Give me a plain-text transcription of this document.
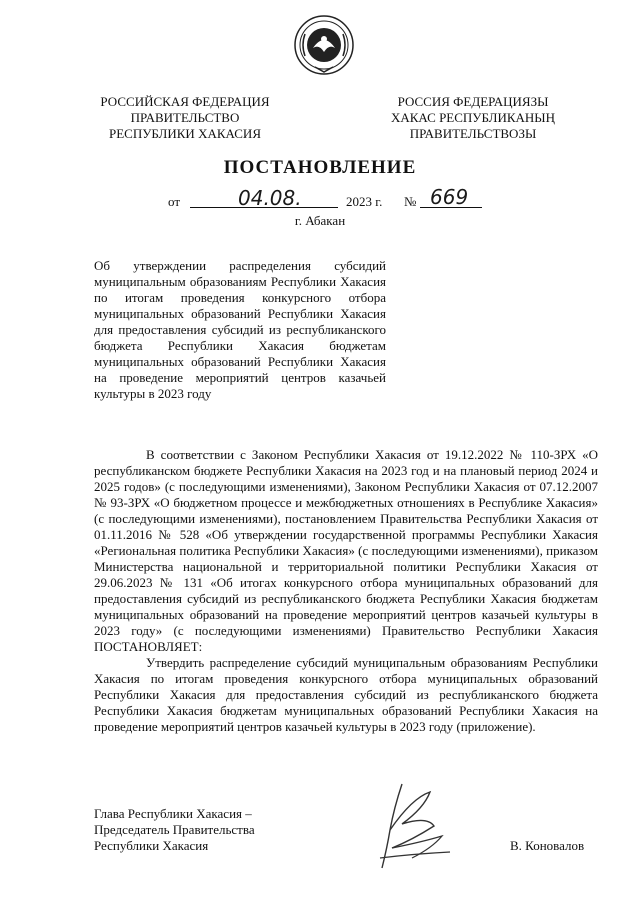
РОССИЙСКАЯ ФЕДЕРАЦИЯ
ПРАВИТЕЛЬСТВО
РЕСПУБЛИКИ ХАКАСИЯ
РОССИЯ ФЕДЕРАЦИЯЗЫ
ХАКАС РЕСПУБЛИКАНЫҢ
ПРАВИТЕЛЬСТВОЗЫ
ПОСТАНОВЛЕНИЕ
от	04.08.	2023 г. № 669
г. Абакан
Об утверждении распределения субсидий муниципальным образованиям Республики Хакасия по итогам проведения конкурсного отбора муниципальных образований Республики Хакасия для предоставления субсидий из республиканского бюджета Республики Хакасия бюджетам муниципальных образований Республики Хакасия на проведение мероприятий центров казачьей культуры в 2023 году

В соответствии с Законом Республики Хакасия от 19.12.2022 № 110-ЗРХ «О республиканском бюджете Республики Хакасия на 2023 год и на плановый период 2024 и 2025 годов» (с последующими изменениями), Законом Республики Хакасия от 07.12.2007 № 93-ЗРХ «О бюджетном процессе и межбюджетных отношениях в Республике Хакасия» (с последующими изменениями), постановлением Правительства Республики Хакасия от 01.11.2016 № 528 «Об утверждении государственной программы Республики Хакасия «Региональная политика Республики Хакасия» (с последующими изменениями), приказом Министерства национальной и территориальной политики Республики Хакасия от 29.06.2023 № 131 «Об итогах конкурсного отбора муниципальных образований для предоставления субсидий из республиканского бюджета Республики Хакасия бюджетам муниципальных образований на проведение мероприятий центров казачьей культуры в 2023 году» (с последующими изменениями) Правительство Республики Хакасия ПОСТАНОВЛЯЕТ:

Утвердить распределение субсидий муниципальным образованиям Республики Хакасия по итогам проведения конкурсного отбора муниципальных образований Республики Хакасия для предоставления субсидий из республиканского бюджета Республики Хакасия бюджетам муниципальных образований Республики Хакасия на проведение мероприятий центров казачьей культуры в 2023 году (приложение).

Глава Республики Хакасия –
Председатель Правительства
Республики Хакасия	В. Коновалов
